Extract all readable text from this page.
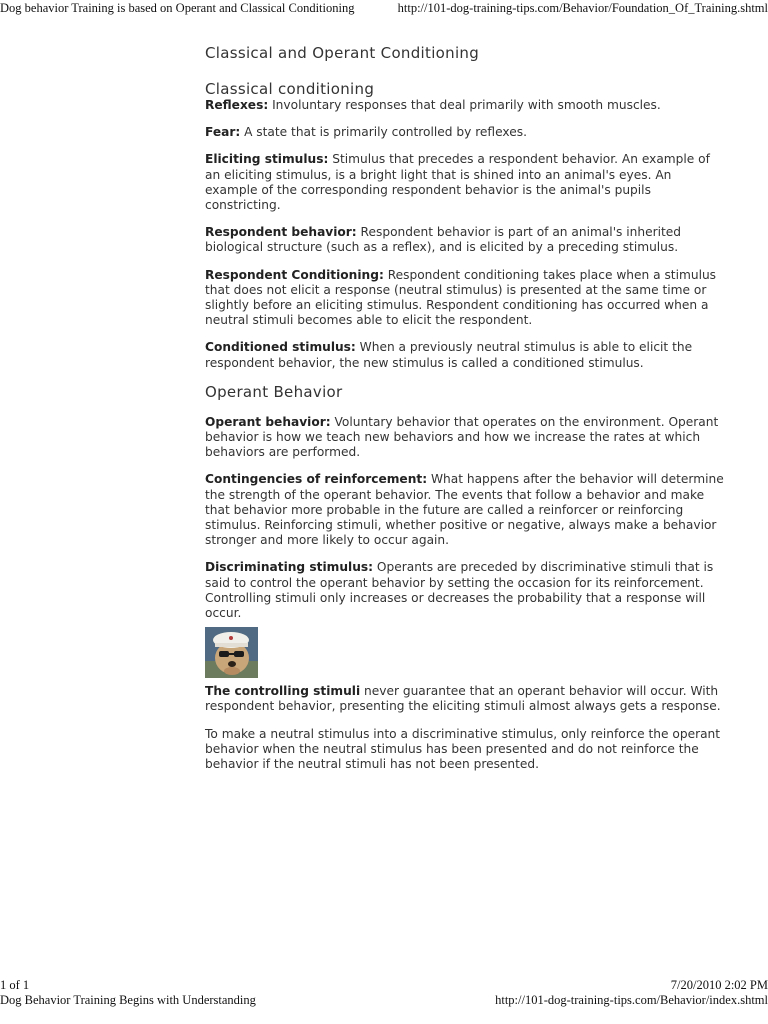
Dog behavior Training is based on Operant and Classical Conditioning	http://101-dog-training-tips.com/Behavior/Foundation_Of_Training.shtml
Classical and Operant Conditioning
Classical conditioning

Reflexes: Involuntary responses that deal primarily with smooth muscles.

Fear: A state that is primarily controlled by reflexes.

Eliciting stimulus: Stimulus that precedes a respondent behavior. An example of an eliciting stimulus, is a bright light that is shined into an animal's eyes. An example of the corresponding respondent behavior is the animal's pupils constricting.

Respondent behavior: Respondent behavior is part of an animal's inherited biological structure (such as a reflex), and is elicited by a preceding stimulus.

Respondent Conditioning: Respondent conditioning takes place when a stimulus that does not elicit a response (neutral stimulus) is presented at the same time or slightly before an eliciting stimulus. Respondent conditioning has occurred when a neutral stimuli becomes able to elicit the respondent.

Conditioned stimulus: When a previously neutral stimulus is able to elicit the respondent behavior, the new stimulus is called a conditioned stimulus.

Operant Behavior

Operant behavior: Voluntary behavior that operates on the environment. Operant behavior is how we teach new behaviors and how we increase the rates at which behaviors are performed.

Contingencies of reinforcement: What happens after the behavior will determine the strength of the operant behavior. The events that follow a behavior and make that behavior more probable in the future are called a reinforcer or reinforcing stimulus. Reinforcing stimuli, whether positive or negative, always make a behavior stronger and more likely to occur again.

Discriminating stimulus: Operants are preceded by discriminative stimuli that is said to control the operant behavior by setting the occasion for its reinforcement. Controlling stimuli only increases or decreases the probability that a response will occur.

The controlling stimuli never guarantee that an operant behavior will occur. With respondent behavior, presenting the eliciting stimuli almost always gets a response.

To make a neutral stimulus into a discriminative stimulus, only reinforce the operant behavior when the neutral stimulus has been presented and do not reinforce the behavior if the neutral stimuli has not been presented.

1 of 1	7/20/2010 2:02 PM
Dog Behavior Training Begins with Understanding	http://101-dog-training-tips.com/Behavior/index.shtml
